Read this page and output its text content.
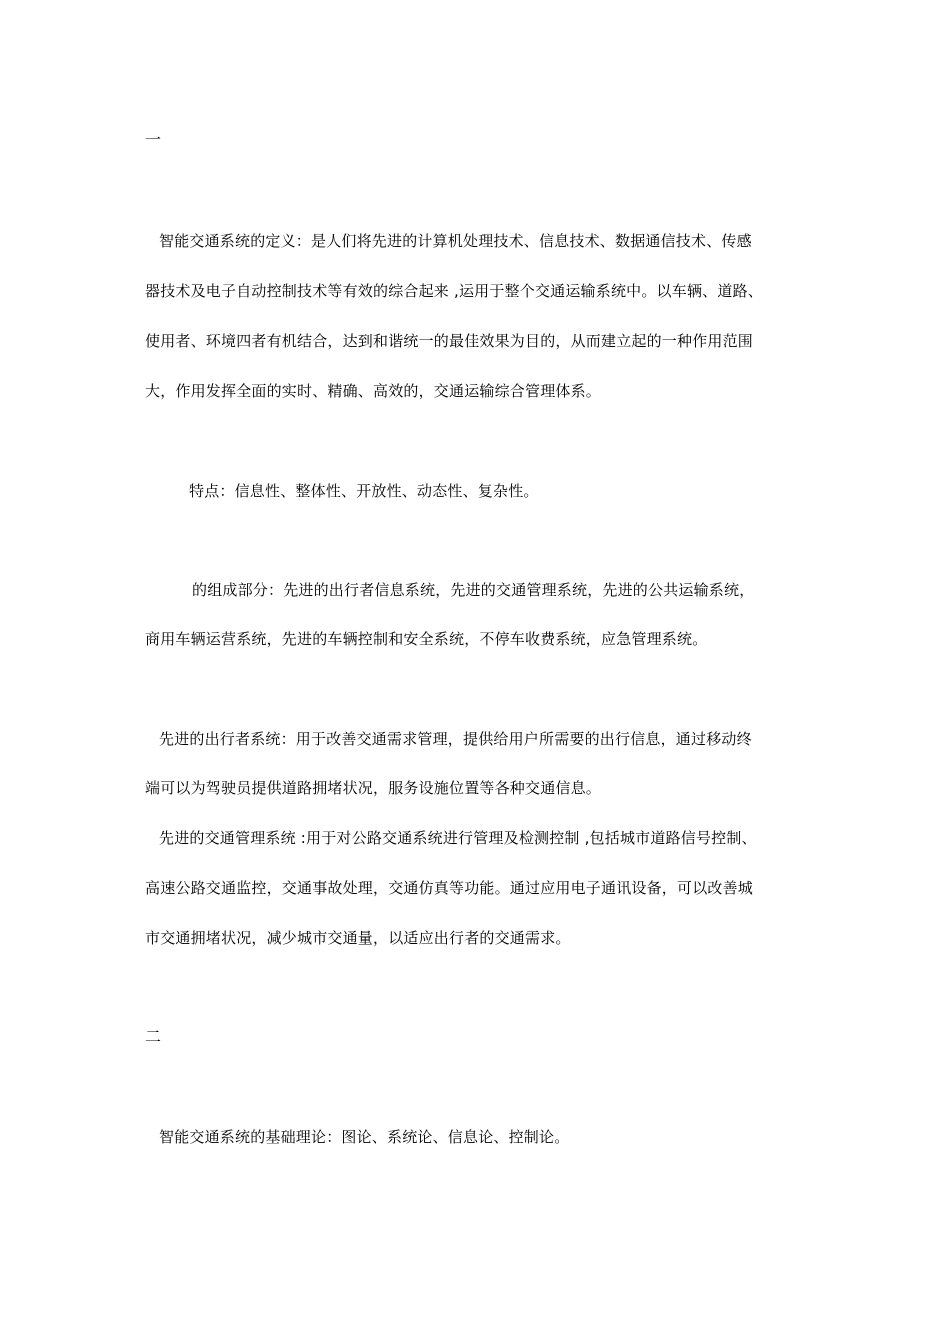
一
智能交通系统的定义：是人们将先进的计算机处理技术、信息技术、数据通信技术、传感
器技术及电子自动控制技术等有效的综合起来 ,运用于整个交通运输系统中。以车辆、道路、
使用者、环境四者有机结合，达到和谐统一的最佳效果为目的，从而建立起的一种作用范围
大，作用发挥全面的实时、精确、高效的，交通运输综合管理体系。
特点：信息性、整体性、开放性、动态性、复杂性。
的组成部分：先进的出行者信息系统，先进的交通管理系统，先进的公共运输系统，
商用车辆运营系统，先进的车辆控制和安全系统，不停车收费系统，应急管理系统。
先进的出行者系统：用于改善交通需求管理，提供给用户所需要的出行信息，通过移动终
端可以为驾驶员提供道路拥堵状况，服务设施位置等各种交通信息。
先进的交通管理系统 :用于对公路交通系统进行管理及检测控制 ,包括城市道路信号控制、
高速公路交通监控，交通事故处理，交通仿真等功能。通过应用电子通讯设备，可以改善城
市交通拥堵状况，减少城市交通量，以适应出行者的交通需求。
二
智能交通系统的基础理论：图论、系统论、信息论、控制论。
